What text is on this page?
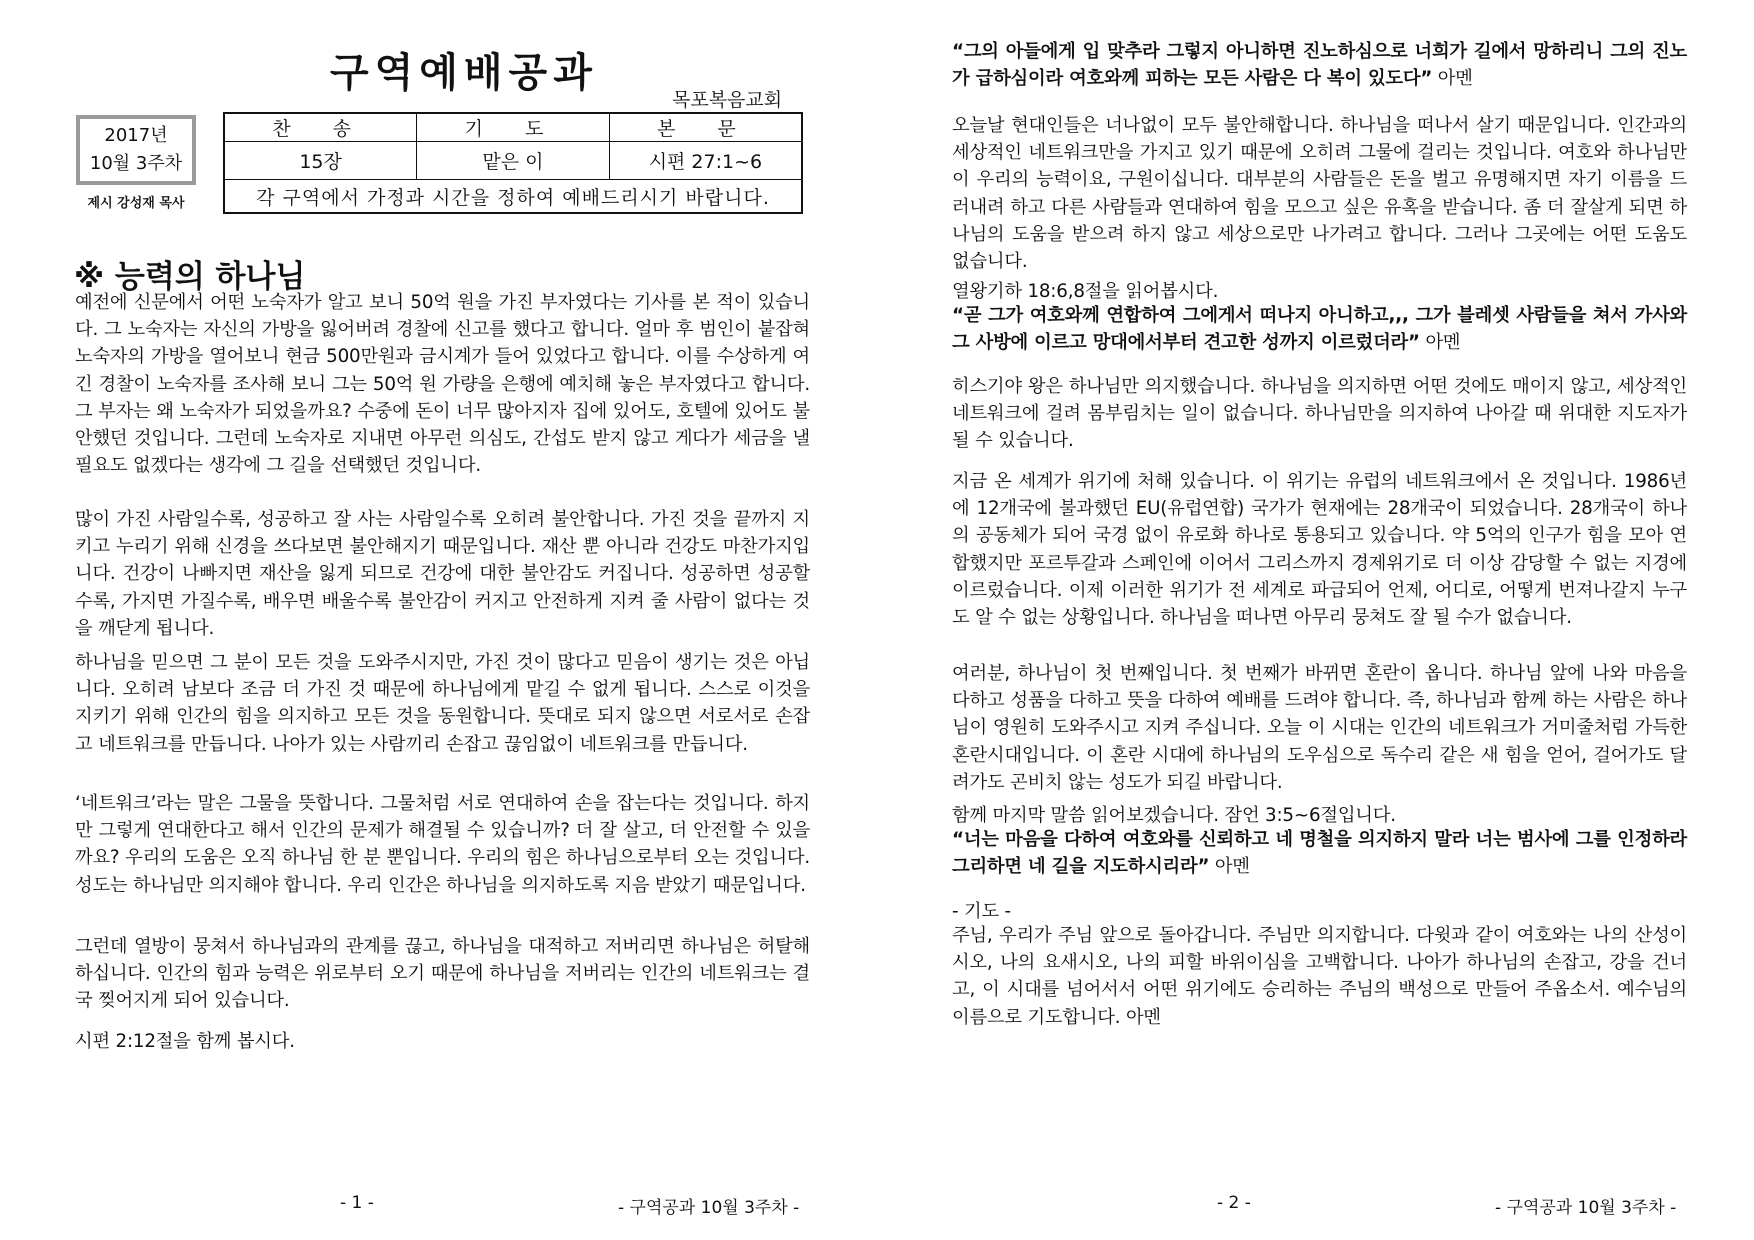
구역예배공과
목포복음교회
2017년
10월 3주차
제시 강성재 목사
찬 송	기 도	본 문
15장	맡은 이	시편 27:1~6
각 구역에서 가정과 시간을 정하여 예배드리시기 바랍니다.		
※ 능력의 하나님

예전에 신문에서 어떤 노숙자가 알고 보니 50억 원을 가진 부자였다는 기사를 본 적이 있습니다. 그 노숙자는 자신의 가방을 잃어버려 경찰에 신고를 했다고 합니다. 얼마 후 범인이 붙잡혀 노숙자의 가방을 열어보니 현금 500만원과 금시계가 들어 있었다고 합니다. 이를 수상하게 여긴 경찰이 노숙자를 조사해 보니 그는 50억 원 가량을 은행에 예치해 놓은 부자였다고 합니다. 그 부자는 왜 노숙자가 되었을까요? 수중에 돈이 너무 많아지자 집에 있어도, 호텔에 있어도 불안했던 것입니다. 그런데 노숙자로 지내면 아무런 의심도, 간섭도 받지 않고 게다가 세금을 낼 필요도 없겠다는 생각에 그 길을 선택했던 것입니다.

많이 가진 사람일수록, 성공하고 잘 사는 사람일수록 오히려 불안합니다. 가진 것을 끝까지 지키고 누리기 위해 신경을 쓰다보면 불안해지기 때문입니다. 재산 뿐 아니라 건강도 마찬가지입니다. 건강이 나빠지면 재산을 잃게 되므로 건강에 대한 불안감도 커집니다. 성공하면 성공할수록, 가지면 가질수록, 배우면 배울수록 불안감이 커지고 안전하게 지켜 줄 사람이 없다는 것을 깨닫게 됩니다.

하나님을 믿으면 그 분이 모든 것을 도와주시지만, 가진 것이 많다고 믿음이 생기는 것은 아닙니다. 오히려 남보다 조금 더 가진 것 때문에 하나님에게 맡길 수 없게 됩니다. 스스로 이것을 지키기 위해 인간의 힘을 의지하고 모든 것을 동원합니다. 뜻대로 되지 않으면 서로서로 손잡고 네트워크를 만듭니다. 나아가 있는 사람끼리 손잡고 끊임없이 네트워크를 만듭니다.

‘네트워크’라는 말은 그물을 뜻합니다. 그물처럼 서로 연대하여 손을 잡는다는 것입니다. 하지만 그렇게 연대한다고 해서 인간의 문제가 해결될 수 있습니까? 더 잘 살고, 더 안전할 수 있을까요? 우리의 도움은 오직 하나님 한 분 뿐입니다. 우리의 힘은 하나님으로부터 오는 것입니다. 성도는 하나님만 의지해야 합니다. 우리 인간은 하나님을 의지하도록 지음 받았기 때문입니다.

그런데 열방이 뭉쳐서 하나님과의 관계를 끊고, 하나님을 대적하고 저버리면 하나님은 허탈해 하십니다. 인간의 힘과 능력은 위로부터 오기 때문에 하나님을 저버리는 인간의 네트워크는 결국 찢어지게 되어 있습니다.

시편 2:12절을 함께 봅시다.

- 1 -	- 구역공과 10월 3주차 -

“그의 아들에게 입 맞추라 그렇지 아니하면 진노하심으로 너희가 길에서 망하리니 그의 진노가 급하심이라 여호와께 피하는 모든 사람은 다 복이 있도다” 아멘

오늘날 현대인들은 너나없이 모두 불안해합니다. 하나님을 떠나서 살기 때문입니다. 인간과의 세상적인 네트워크만을 가지고 있기 때문에 오히려 그물에 걸리는 것입니다. 여호와 하나님만이 우리의 능력이요, 구원이십니다. 대부분의 사람들은 돈을 벌고 유명해지면 자기 이름을 드러내려 하고 다른 사람들과 연대하여 힘을 모으고 싶은 유혹을 받습니다. 좀 더 잘살게 되면 하나님의 도움을 받으려 하지 않고 세상으로만 나가려고 합니다. 그러나 그곳에는 어떤 도움도 없습니다.

열왕기하 18:6,8절을 읽어봅시다.

“곧 그가 여호와께 연합하여 그에게서 떠나지 아니하고,,, 그가 블레셋 사람들을 쳐서 가사와 그 사방에 이르고 망대에서부터 견고한 성까지 이르렀더라” 아멘

히스기야 왕은 하나님만 의지했습니다. 하나님을 의지하면 어떤 것에도 매이지 않고, 세상적인 네트워크에 걸려 몸부림치는 일이 없습니다. 하나님만을 의지하여 나아갈 때 위대한 지도자가 될 수 있습니다.

지금 온 세계가 위기에 처해 있습니다. 이 위기는 유럽의 네트워크에서 온 것입니다. 1986년에 12개국에 불과했던 EU(유럽연합) 국가가 현재에는 28개국이 되었습니다. 28개국이 하나의 공동체가 되어 국경 없이 유로화 하나로 통용되고 있습니다. 약 5억의 인구가 힘을 모아 연합했지만 포르투갈과 스페인에 이어서 그리스까지 경제위기로 더 이상 감당할 수 없는 지경에 이르렀습니다. 이제 이러한 위기가 전 세계로 파급되어 언제, 어디로, 어떻게 번져나갈지 누구도 알 수 없는 상황입니다. 하나님을 떠나면 아무리 뭉쳐도 잘 될 수가 없습니다.

여러분, 하나님이 첫 번째입니다. 첫 번째가 바뀌면 혼란이 옵니다. 하나님 앞에 나와 마음을 다하고 성품을 다하고 뜻을 다하여 예배를 드려야 합니다. 즉, 하나님과 함께 하는 사람은 하나님이 영원히 도와주시고 지켜 주십니다. 오늘 이 시대는 인간의 네트워크가 거미줄처럼 가득한 혼란시대입니다. 이 혼란 시대에 하나님의 도우심으로 독수리 같은 새 힘을 얻어, 걸어가도 달려가도 곤비치 않는 성도가 되길 바랍니다.

함께 마지막 말씀 읽어보겠습니다. 잠언 3:5~6절입니다.

“너는 마음을 다하여 여호와를 신뢰하고 네 명철을 의지하지 말라 너는 범사에 그를 인정하라 그리하면 네 길을 지도하시리라” 아멘

- 기도 -

주님, 우리가 주님 앞으로 돌아갑니다. 주님만 의지합니다. 다윗과 같이 여호와는 나의 산성이시오, 나의 요새시오, 나의 피할 바위이심을 고백합니다. 나아가 하나님의 손잡고, 강을 건너고, 이 시대를 넘어서서 어떤 위기에도 승리하는 주님의 백성으로 만들어 주옵소서. 예수님의 이름으로 기도합니다. 아멘

- 2 -	- 구역공과 10월 3주차 -
